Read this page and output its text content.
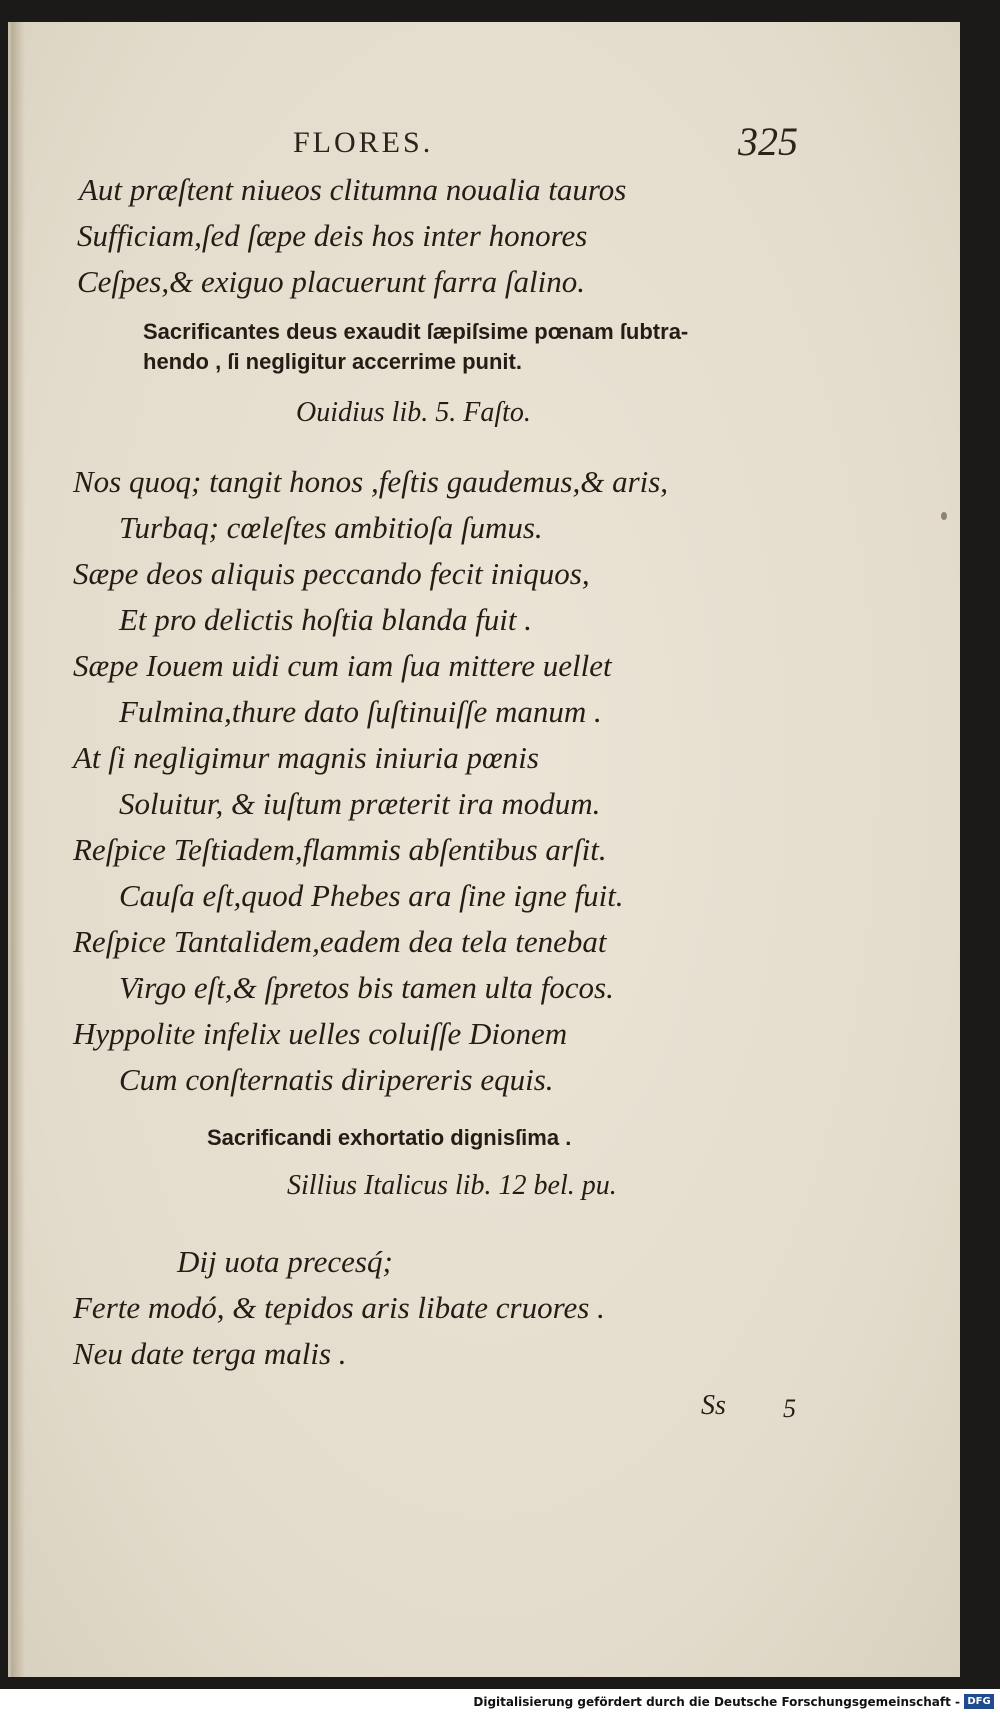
FLORES.	325
Aut præſtent niueos clitumna noualia tauros
Sufficiam,ſed ſæpe deis hos inter honores
Ceſpes,& exiguo placuerunt farra ſalino.
Sacrificantes deus exaudit ſæpiſsime pœnam ſubtra-
hendo , ſi negligitur accerrime punit.
Ouidius lib. 5. Faſto.
Nos quoq; tangit honos ,feſtis gaudemus,& aris,
Turbaq; cœleſtes ambitioſa ſumus.
Sæpe deos aliquis peccando fecit iniquos,
Et pro delictis hoſtia blanda fuit .
Sæpe Iouem uidi cum iam ſua mittere uellet
Fulmina,thure dato ſuſtinuiſſe manum .
At ſi negligimur magnis iniuria pœnis
Soluitur, & iuſtum præterit ira modum.
Reſpice Teſtiadem,flammis abſentibus arſit.
Cauſa eſt,quod Phebes ara ſine igne fuit.
Reſpice Tantalidem,eadem dea tela tenebat
Virgo eſt,& ſpretos bis tamen ulta focos.
Hyppolite infelix uelles coluiſſe Dionem
Cum conſternatis diripereris equis.
Sacrificandi exhortatio dignisſima .
Sillius Italicus lib. 12 bel. pu.
Dij uota precesq́;
Ferte modó, & tepidos aris libate cruores .
Neu date terga malis .
Ss 5
Digitalisierung gefördert durch die Deutsche Forschungsgemeinschaft - DFG
